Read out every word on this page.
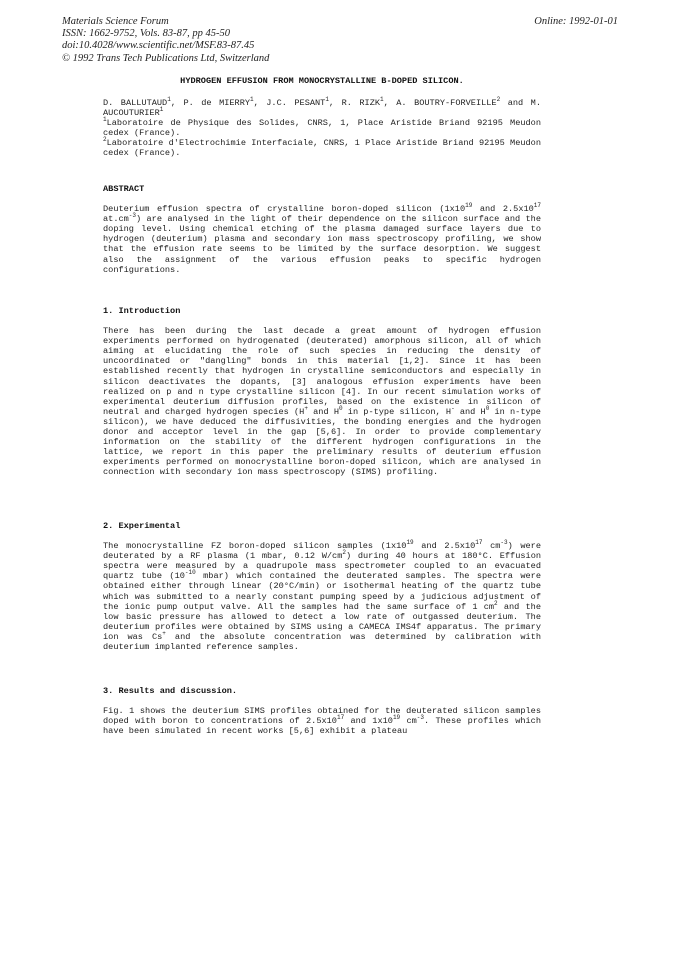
Materials Science Forum
ISSN: 1662-9752, Vols. 83-87, pp 45-50
doi:10.4028/www.scientific.net/MSF.83-87.45
© 1992 Trans Tech Publications Ltd, Switzerland
Online: 1992-01-01
HYDROGEN EFFUSION FROM MONOCRYSTALLINE B-DOPED SILICON.

D. BALLUTAUD$^1$, P. de MIERRY$^1$, J.C. PESANT$^1$, R. RIZK$^1$, A. BOUTRY-FORVEILLE$^2$ and M. AUCOUTURIER$^1$

$^1$Laboratoire de Physique des Solides, CNRS, 1, Place Aristide Briand 92195 Meudon cedex (France).

$^2$Laboratoire d'Electrochimie Interfaciale, CNRS, 1 Place Aristide Briand 92195 Meudon cedex (France).

ABSTRACT

Deuterium effusion spectra of crystalline boron-doped silicon ($1x10^{19}$ and $2.5x10^{17}$ $at.cm^{-3}$) are analysed in the light of their dependence on the silicon surface and the doping level. Using chemical etching of the plasma damaged surface layers due to hydrogen (deuterium) plasma and secondary ion mass spectroscopy profiling, we show that the effusion rate seems to be limited by the surface desorption. We suggest also the assignment of the various effusion peaks to specific hydrogen configurations.

1. Introduction

There has been during the last decade a great amount of hydrogen effusion experiments performed on hydrogenated (deuterated) amorphous silicon, all of which aiming at elucidating the role of such species in reducing the density of uncoordinated or "dangling" bonds in this material [1,2]. Since it has been established recently that hydrogen in crystalline semiconductors and especially in silicon deactivates the dopants, [3] analogous effusion experiments have been realized on p and n type crystalline silicon [4]. In our recent simulation works of experimental deuterium diffusion profiles, based on the existence in silicon of neutral and charged hydrogen species (H+ and $H^0$ in p-type silicon, H- and $H^0$ in n-type silicon), we have deduced the diffusivities, the bonding energies and the hydrogen donor and acceptor level in the gap [5,6]. In order to provide complementary information on the stability of the different hydrogen configurations in the lattice, we report in this paper the preliminary results of deuterium effusion experiments performed on monocrystalline boron-doped silicon, which are analysed in connection with secondary ion mass spectroscopy (SIMS) profiling.

2. Experimental

The monocrystalline FZ boron-doped silicon samples ($1x10^{19}$ and $2.5x10^{17}$ $cm^{-3}$) were deuterated by a RF plasma (1 mbar, 0.12 $W/cm^2$) during 40 hours at 180°C. Effusion spectra were measured by a quadrupole mass spectrometer coupled to an evacuated quartz tube ($10^{-10}$ mbar) which contained the deuterated samples. The spectra were obtained either through linear (20°C/min) or isothermal heating of the quartz tube which was submitted to a nearly constant pumping speed by a judicious adjustment of the ionic pump output valve. All the samples had the same surface of 1 $cm^2$ and the low basic pressure has allowed to detect a low rate of outgassed deuterium. The deuterium profiles were obtained by SIMS using a CAMECA IMS4f apparatus. The primary ion was Cs+ and the absolute concentration was determined by calibration with deuterium implanted reference samples.

3. Results and discussion.

Fig. 1 shows the deuterium SIMS profiles obtained for the deuterated silicon samples doped with boron to concentrations of $2.5x10^{17}$ and $1x10^{19}$ $cm^{-3}$. These profiles which have been simulated in recent works [5,6] exhibit a plateau
